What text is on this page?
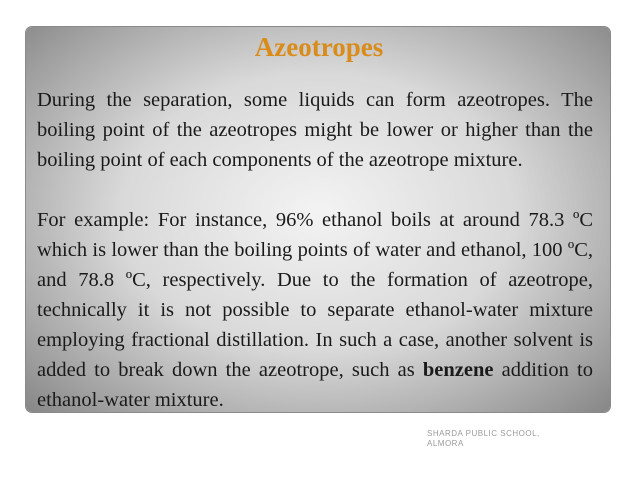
Azeotropes

During the separation, some liquids can form azeotropes. The boiling point of the azeotropes might be lower or higher than the boiling point of each components of the azeotrope mixture.

For example: For instance, 96% ethanol boils at around 78.3 ºC which is lower than the boiling points of water and ethanol, 100 ºC, and 78.8 ºC, respectively. Due to the formation of azeotrope, technically it is not possible to separate ethanol-water mixture employing fractional distillation. In such a case, another solvent is added to break down the azeotrope, such as benzene addition to ethanol-water mixture.

SHARDA PUBLIC SCHOOL,
ALMORA
